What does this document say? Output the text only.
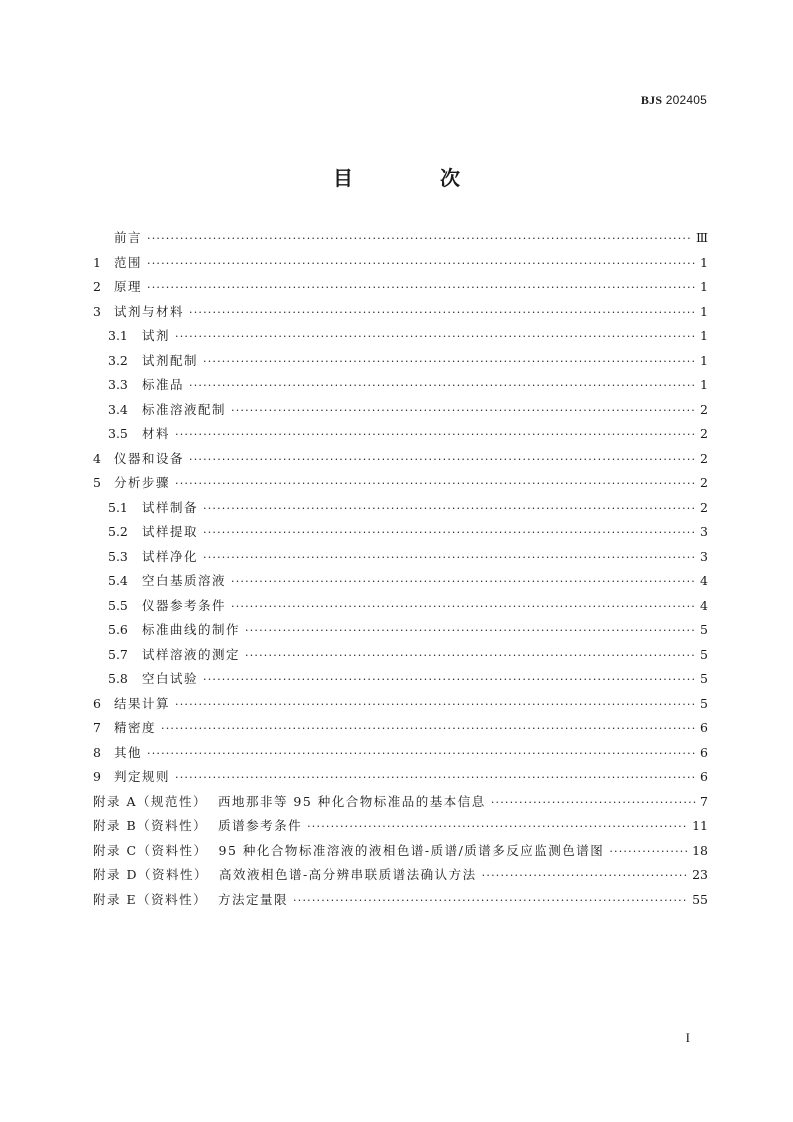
BJS 202405
目 次
前言 ·····	Ⅲ
1	范围 ·····	1
2	原理 ·····	1
3	试剂与材料 ·····	1
3.1	试剂 ·····	1
3.2	试剂配制 ·····	1
3.3	标准品 ·····	1
3.4	标准溶液配制 ·····	2
3.5	材料 ·····	2
4	仪器和设备 ·····	2
5	分析步骤 ·····	2
5.1	试样制备 ·····	2
5.2	试样提取 ·····	3
5.3	试样净化 ·····	3
5.4	空白基质溶液 ·····	4
5.5	仪器参考条件 ·····	4
5.6	标准曲线的制作 ·····	5
5.7	试样溶液的测定 ·····	5
5.8	空白试验 ·····	5
6	结果计算 ·····	5
7	精密度 ·····	6
8	其他 ·····	6
9	判定规则 ·····	6
附录 A（规范性）  西地那非等 95 种化合物标准品的基本信息 ·····	7
附录 B（资料性）  质谱参考条件 ·····	11
附录 C（资料性）  95 种化合物标准溶液的液相色谱-质谱/质谱多反应监测色谱图 ·····	18
附录 D（资料性）  高效液相色谱-高分辨串联质谱法确认方法 ·····	23
附录 E（资料性）  方法定量限 ·····	55
I
